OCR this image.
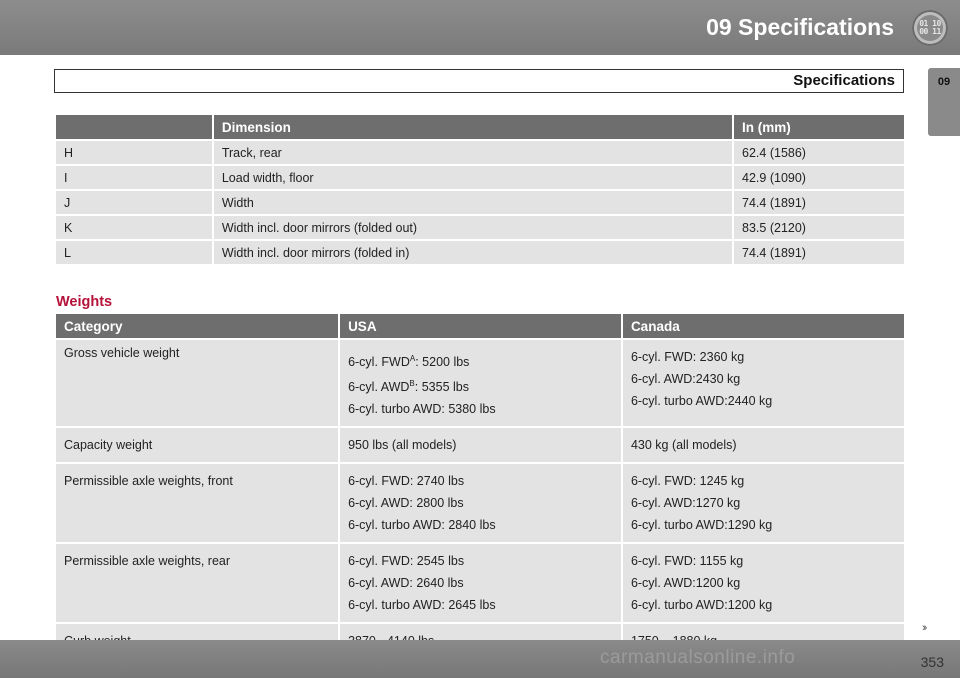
09 Specifications	01 10
00 11
09
Specifications
	Dimension	In (mm)
H	Track, rear	62.4 (1586)
I	Load width, floor	42.9 (1090)
J	Width	74.4 (1891)
K	Width incl. door mirrors (folded out)	83.5 (2120)
L	Width incl. door mirrors (folded in)	74.4 (1891)
Weights
Category	USA	Canada
Gross vehicle weight	6-cyl. $FWD^A$: 5200 lbs
6-cyl. $AWD^B$: 5355 lbs
6-cyl. turbo AWD: 5380 lbs	6-cyl. FWD: 2360 kg
6-cyl. AWD:2430 kg
6-cyl. turbo AWD:2440 kg

Capacity weight	950 lbs (all models)	430 kg (all models)

Permissible axle weights, front	6-cyl. FWD: 2740 lbs
6-cyl. AWD: 2800 lbs
6-cyl. turbo AWD: 2840 lbs	6-cyl. FWD: 1245 kg
6-cyl. AWD:1270 kg
6-cyl. turbo AWD:1290 kg

Permissible axle weights, rear	6-cyl. FWD: 2545 lbs
6-cyl. AWD: 2640 lbs
6-cyl. turbo AWD: 2645 lbs	6-cyl. FWD: 1155 kg
6-cyl. AWD:1200 kg
6-cyl. turbo AWD:1200 kg

››
353
carmanualsonline.info
